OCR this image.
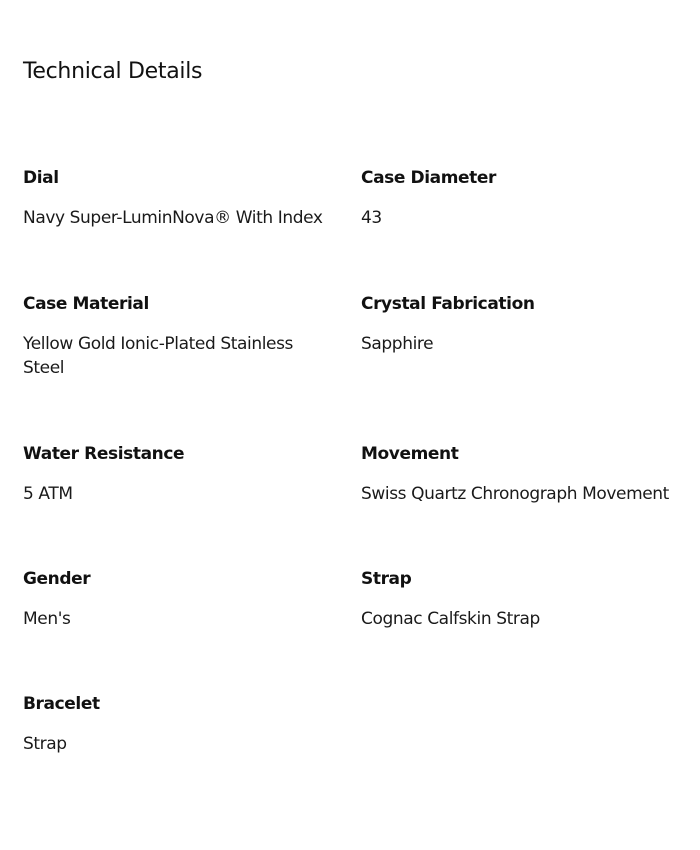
Technical Details
Dial
Navy Super-LuminNova® With Index
Case Diameter
43
Case Material
Yellow Gold Ionic-Plated Stainless Steel
Crystal Fabrication
Sapphire
Water Resistance
5 ATM
Movement
Swiss Quartz Chronograph Movement
Gender
Men's
Strap
Cognac Calfskin Strap
Bracelet
Strap
